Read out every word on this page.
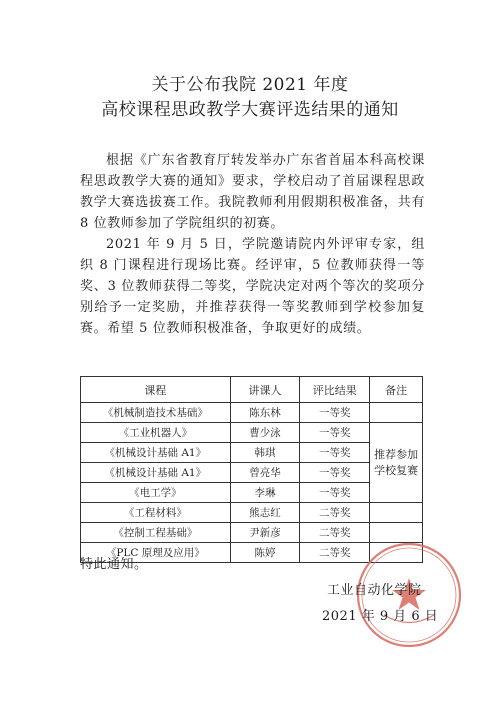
关于公布我院 2021 年度
高校课程思政教学大赛评选结果的通知

根据《广东省教育厅转发举办广东省首届本科高校课程思政教学大赛的通知》要求，学校启动了首届课程思政教学大赛选拔赛工作。我院教师利用假期积极准备，共有 8 位教师参加了学院组织的初赛。

2021 年 9 月 5 日，学院邀请院内外评审专家，组织 8 门课程进行现场比赛。经评审，5 位教师获得一等奖、3 位教师获得二等奖，学院决定对两个等次的奖项分别给予一定奖励，并推荐获得一等奖教师到学校参加复赛。希望 5 位教师积极准备，争取更好的成绩。

课程	讲课人	评比结果	备注
《机械制造技术基础》	陈东林	一等奖	
《工业机器人》	曹少泳	一等奖	推荐参加学校复赛
《机械设计基础 A1》	韩琪	一等奖	
《机械设计基础 A1》	曾亮华	一等奖	
《电工学》	李琳	一等奖	
《工程材料》	熊志红	二等奖	
《控制工程基础》	尹新彦	二等奖	
《PLC 原理及应用》	陈婷	二等奖	
特此通知。
工业自动化学院
2021 年 9 月 6 日
